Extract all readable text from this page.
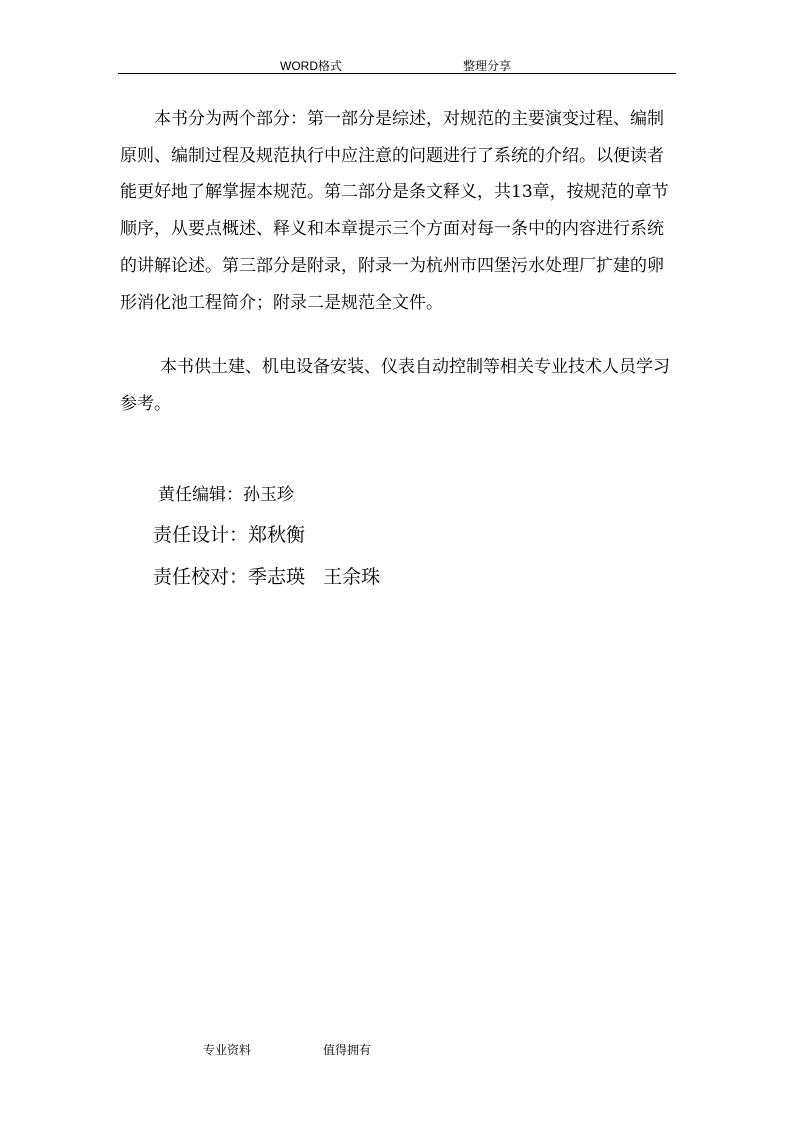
WORD格式	整理分享

本书分为两个部分：第一部分是综述，对规范的主要演变过程、编制原则、编制过程及规范执行中应注意的问题进行了系统的介绍。以便读者能更好地了解掌握本规范。第二部分是条文释义，共13章，按规范的章节顺序，从要点概述、释义和本章提示三个方面对每一条中的内容进行系统的讲解论述。第三部分是附录，附录一为杭州市四堡污水处理厂扩建的卵形消化池工程简介；附录二是规范全文件。

本书供土建、机电设备安装、仪表自动控制等相关专业技术人员学习参考。

黄任编辑：孙玉珍

责任设计：郑秋衡

责任校对：季志瑛   王余珠

专业资料	值得拥有
